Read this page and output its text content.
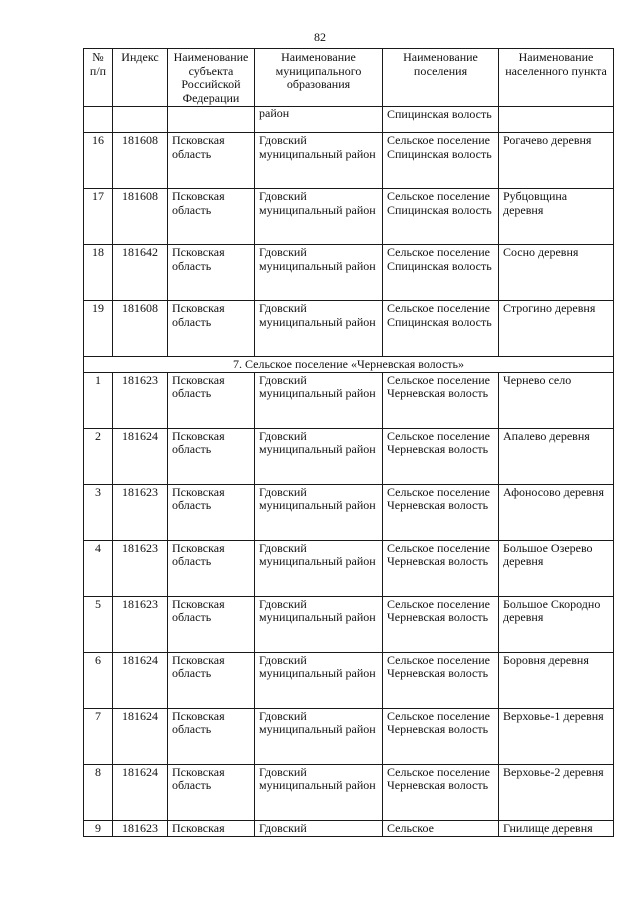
82
№ п/п	Индекс	Наименование субъекта Российской Федерации	Наименование муниципального образования	Наименование поселения	Наименование населенного пункта
			район	Спицинская волость	
16	181608	Псковская область	Гдовский муниципальный район	Сельское поселение Спицинская волость	Рогачево деревня
17	181608	Псковская область	Гдовский муниципальный район	Сельское поселение Спицинская волость	Рубцовщина деревня
18	181642	Псковская область	Гдовский муниципальный район	Сельское поселение Спицинская волость	Сосно деревня
19	181608	Псковская область	Гдовский муниципальный район	Сельское поселение Спицинская волость	Строгино деревня
7. Сельское поселение «Черневская волость»					
1	181623	Псковская область	Гдовский муниципальный район	Сельское поселение Черневская волость	Чернево село
2	181624	Псковская область	Гдовский муниципальный район	Сельское поселение Черневская волость	Апалево деревня
3	181623	Псковская область	Гдовский муниципальный район	Сельское поселение Черневская волость	Афоносово деревня
4	181623	Псковская область	Гдовский муниципальный район	Сельское поселение Черневская волость	Большое Озерево деревня
5	181623	Псковская область	Гдовский муниципальный район	Сельское поселение Черневская волость	Большое Скородно деревня
6	181624	Псковская область	Гдовский муниципальный район	Сельское поселение Черневская волость	Боровня деревня
7	181624	Псковская область	Гдовский муниципальный район	Сельское поселение Черневская волость	Верховье-1 деревня
8	181624	Псковская область	Гдовский муниципальный район	Сельское поселение Черневская волость	Верховье-2 деревня
9	181623	Псковская	Гдовский	Сельское	Гнилище деревня
